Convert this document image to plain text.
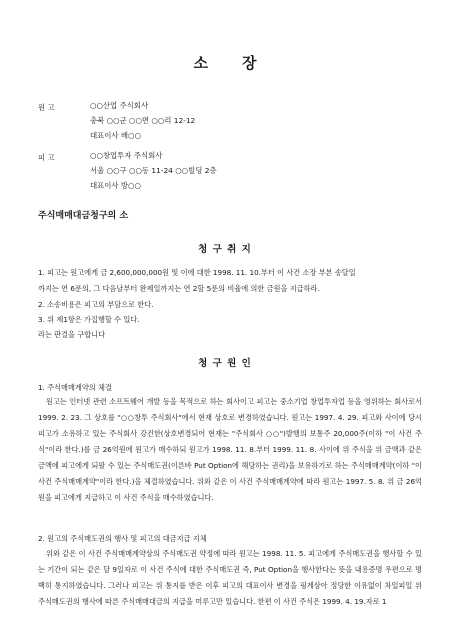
소 장
원 고	○○산업 주식회사
충북 ○○군 ○○면 ○○리 12-12
대표이사 배○○
피 고	○○창업투자 주식회사
서울 ○○구 ○○동 11-24 ○○빌딩 2층
대표이사 방○○
주식매매대금청구의 소
청 구 취 지
1. 피고는 원고에게 금 2,600,000,000원 및 이에 대한 1998. 11. 10.부터 이 사건 소장 부본 송달일
까지는 연 6푼의, 그 다음날부터 완제일까지는 연 2할 5푼의 비율에 의한 금원을 지급하라.
2. 소송비용은 피고의 부담으로 한다.
3. 위 제1항은 가집행할 수 있다.
라는 판결을 구합니다
청 구 원 인
1. 주식매매계약의 체결
원고는 인터넷 관련 소프트웨어 개발 등을 목적으로 하는 회사이고 피고는 중소기업 창업투자업 등을 영위하는 회사로서 1999. 2. 23. 그 상호를 "○○창투 주식회사"에서 현재 상호로 변경하였습니다. 원고는 1997. 4. 29. 피고와 사이에 당시 피고가 소유하고 있는 주식회사 강건한(상호변경되어 현재는 "주식회사 ○○")발행의 보통주 20,000주(이하 "이 사건 주식"이라 한다.)를 금 26억원에 원고가 매수하되 원고가 1998. 11. 8.부터 1999. 11. 8. 사이에 위 주식을 위 금액과 같은 금액에 피고에게 되팔 수 있는 주식매도권(이른바 Put Option에 해당하는 권리)을 보유하기로 하는 주식매매계약(이하 "이 사건 주식매매계약"이라 한다.)을 체결하였습니다. 위와 같은 이 사건 주식매매계약에 따라 원고는 1997. 5. 8. 위 금 26억원을 피고에게 지급하고 이 사건 주식을 매수하였습니다.
2. 원고의 주식매도권의 행사 및 피고의 대금지급 지체
위와 같은 이 사건 주식매매계약상의 주식매도권 약정에 따라 원고는 1998. 11. 5. 피고에게 주식매도권을 행사할 수 있는 기간이 되는 같은 달 9일자로 이 사건 주식에 대한 주식매도권 즉, Put Option을 행사한다는 뜻을 내용증명 우편으로 명백히 통지하였습니다. 그러나 피고는 위 통지를 받은 이후 피고의 대표이사 변경을 핑계삼아 정당한 이유없이 차일피일 위 주식매도권의 행사에 따른 주식매매대금의 지급을 미루고만 있습니다. 한편 이 사건 주식은 1999. 4. 19.자로 1
